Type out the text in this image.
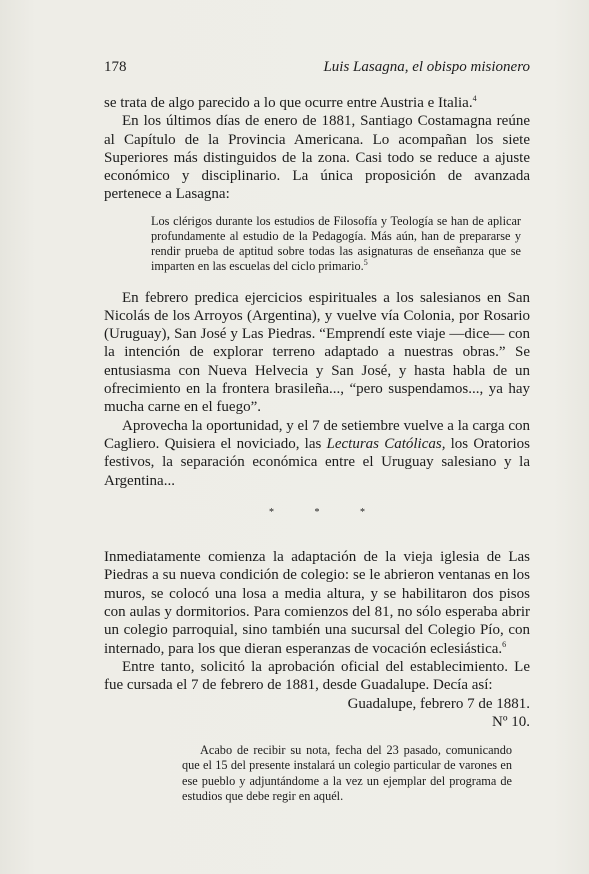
178	Luis Lasagna, el obispo misionero

se trata de algo parecido a lo que ocurre entre Austria e Italia.$^4$

En los últimos días de enero de 1881, Santiago Costamagna reúne al Capítulo de la Provincia Americana. Lo acompañan los siete Superiores más distinguidos de la zona. Casi todo se reduce a ajuste económico y disciplinario. La única proposición de avanzada pertenece a Lasagna:

Los clérigos durante los estudios de Filosofía y Teología se han de aplicar profundamente al estudio de la Pedagogía. Más aún, han de prepararse y rendir prueba de aptitud sobre todas las asignaturas de enseñanza que se imparten en las escuelas del ciclo primario.$^5$

En febrero predica ejercicios espirituales a los salesianos en San Nicolás de los Arroyos (Argentina), y vuelve vía Colonia, por Rosario (Uruguay), San José y Las Piedras. “Emprendí este viaje —dice— con la intención de explorar terreno adaptado a nuestras obras.” Se entusiasma con Nueva Helvecia y San José, y hasta habla de un ofrecimiento en la frontera brasileña..., “pero suspendamos..., ya hay mucha carne en el fuego”.

Aprovecha la oportunidad, y el 7 de setiembre vuelve a la carga con Cagliero. Quisiera el noviciado, las Lecturas Católicas, los Oratorios festivos, la separación económica entre el Uruguay salesiano y la Argentina...

* * *

Inmediatamente comienza la adaptación de la vieja iglesia de Las Piedras a su nueva condición de colegio: se le abrieron ventanas en los muros, se colocó una losa a media altura, y se habilitaron dos pisos con aulas y dormitorios. Para comienzos del 81, no sólo esperaba abrir un colegio parroquial, sino también una sucursal del Colegio Pío, con internado, para los que dieran esperanzas de vocación eclesiástica.$^6$

Entre tanto, solicitó la aprobación oficial del establecimiento. Le fue cursada el 7 de febrero de 1881, desde Guadalupe. Decía así:

Guadalupe, febrero 7 de 1881.

Nº 10.

Acabo de recibir su nota, fecha del 23 pasado, comunicando que el 15 del presente instalará un colegio particular de varones en ese pueblo y adjuntándome a la vez un ejemplar del programa de estudios que debe regir en aquél.
